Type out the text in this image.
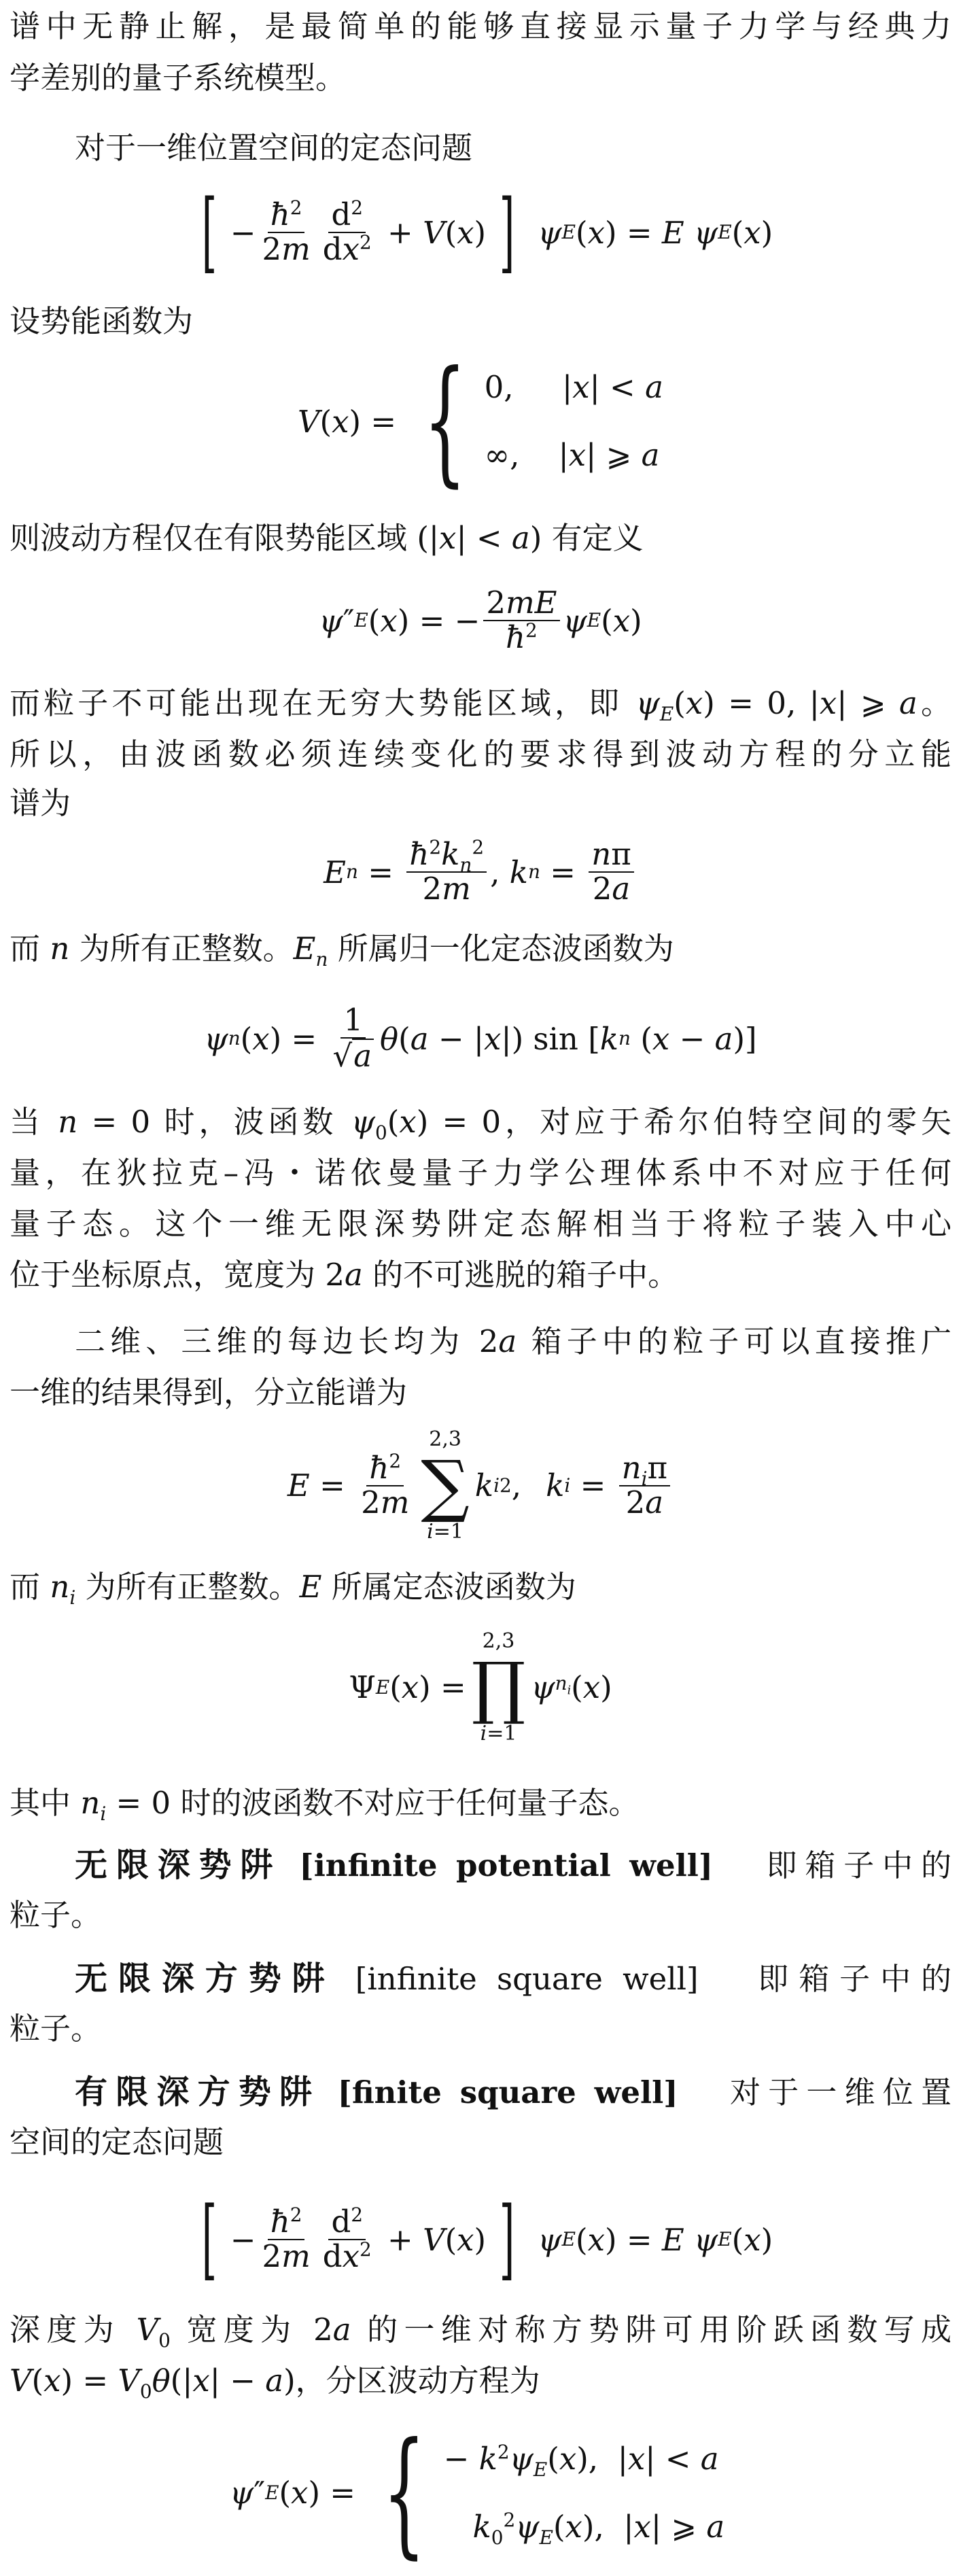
谱中无静止解，是最简单的能够直接显示量子力学与经典力
学差别的量子系统模型。
对于一维位置空间的定态问题
[ − $\frac{ħ^2}{2m} \frac{d^2}{dx^2} + V$ ( x ) ]
ψ E ( x ) = E
ψ E ( x )
设势能函数为
V ( x ) = { 0,     |x| < a
∞,    |x| ⩾ a
则波动方程仅在有限势能区域 (|x| < a) 有定义
ψ ″ E ( x ) = − $\frac{2mE}{ħ^2}$ ψ E ( x )
而粒子不可能出现在无穷大势能区域，即 $\psi_E(x) = 0$, |x| ⩾ a。
所以，由波函数必须连续变化的要求得到波动方程的分立能
谱为
E $n = \frac{ħ^2k_n^2}{2m}$ , k $n = \frac{n\pi}{2a}$
而 n 为所有正整数。$E_n$ 所属归一化定态波函数为
ψ n ( x ) = $\frac{1}{√ a}$ θ ( a − | x |) sin [ k n ( x − a )]
当 n = 0 时，波函数 $\psi_0(x) = 0$，对应于希尔伯特空间的零矢
量，在狄拉克–冯・诺依曼量子力学公理体系中不对应于任何
量子态。这个一维无限深势阱定态解相当于将粒子装入中心
位于坐标原点，宽度为 2a 的不可逃脱的箱子中。
二维、三维的每边长均为 2a 箱子中的粒子可以直接推广
一维的结果得到，分立能谱为
$E = \frac{ħ^2}{2m}$
2,3
∑
i=1
k i 2 , k $i = \frac{n_i\pi}{2a}$
而 $n_i$ 为所有正整数。E 所属定态波函数为
Ψ E ( x ) =
2,3
∏
i=1
ψ $n_i$ ( x )
其中 $n_i = 0$ 时的波函数不对应于任何量子态。
无限深势阱 [infinite potential well] 即箱子中的
粒子。
无限深方势阱 [infinite square well] 即箱子中的
粒子。
有限深方势阱 [finite square well] 对于一维位置
空间的定态问题
[ − $\frac{ħ^2}{2m} \frac{d^2}{dx^2} + V$ ( x ) ]
ψ E ( x ) = E
ψ E ( x )
深度为 $V_0$ 宽度为 2a 的一维对称方势阱可用阶跃函数写成
$V(x) = V_0\theta(|x| - a)$，分区波动方程为
ψ ″ E ( x ) = { − $k^2\psi_E(x)$,  |x| < a
$k_0^2\psi_E(x)$,  |x| ⩾ a
